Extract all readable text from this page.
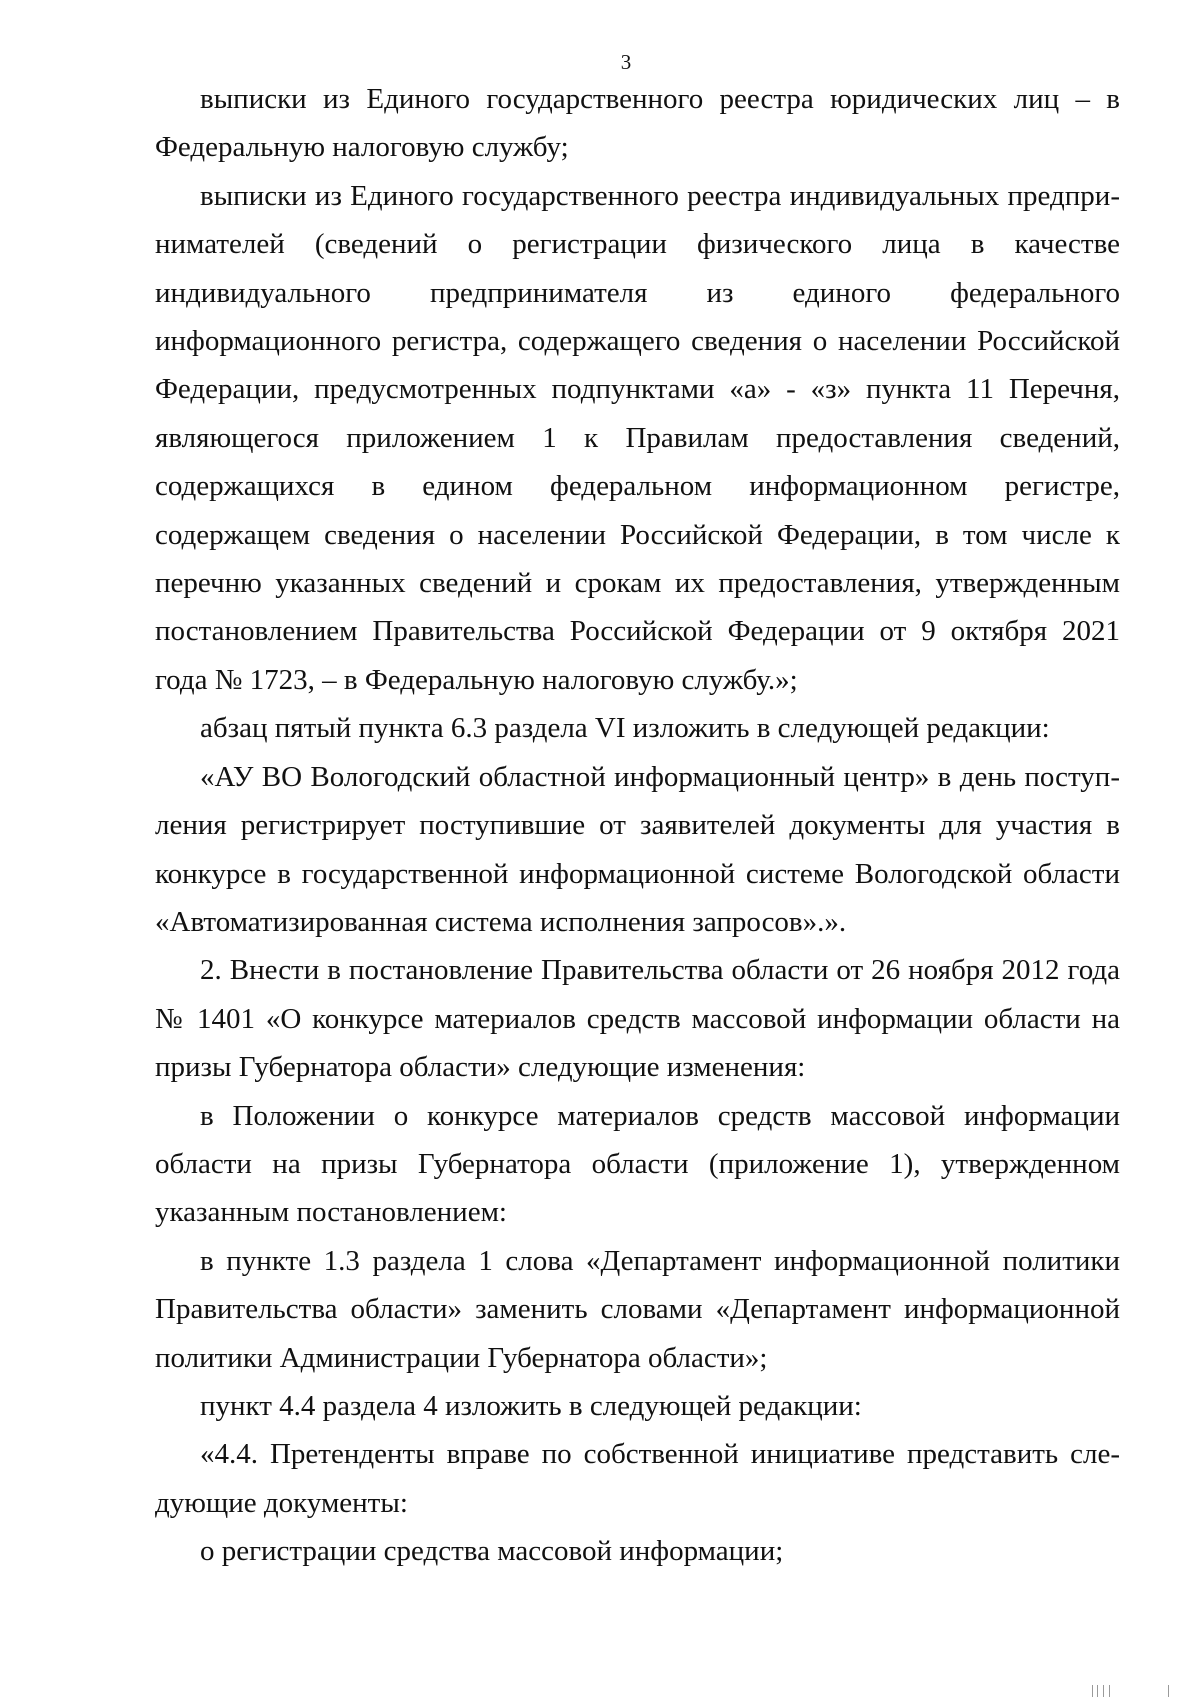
3

выписки из Единого государственного реестра юридических лиц – в Федеральную налоговую службу;

выписки из Единого государственного реестра индивидуальных предпринимателей (сведений о регистрации физического лица в качестве индивидуального предпринимателя из единого федерального информационного регистра, содержащего сведения о населении Российской Федерации, предусмотренных подпунктами «а» - «з» пункта 11 Перечня, являющегося приложением 1 к Правилам предоставления сведений, содержащихся в едином федеральном информационном регистре, содержащем сведения о населении Российской Федерации, в том числе к перечню указанных сведений и срокам их предоставления, утвержденным постановлением Правительства Российской Федерации от 9 октября 2021 года № 1723, – в Федеральную налоговую службу.»;

абзац пятый пункта 6.3 раздела VI изложить в следующей редакции:

«АУ ВО Вологодский областной информационный центр» в день поступления регистрирует поступившие от заявителей документы для участия в конкурсе в государственной информационной системе Вологодской области «Автоматизированная система исполнения запросов».».

2. Внести в постановление Правительства области от 26 ноября 2012 года № 1401 «О конкурсе материалов средств массовой информации области на призы Губернатора области» следующие изменения:

в Положении о конкурсе материалов средств массовой информации области на призы Губернатора области (приложение 1), утвержденном указанным постановлением:

в пункте 1.3 раздела 1 слова «Департамент информационной политики Правительства области» заменить словами «Департамент информационной политики Администрации Губернатора области»;

пункт 4.4 раздела 4 изложить в следующей редакции:

«4.4. Претенденты вправе по собственной инициативе представить следующие документы:

о регистрации средства массовой информации;
